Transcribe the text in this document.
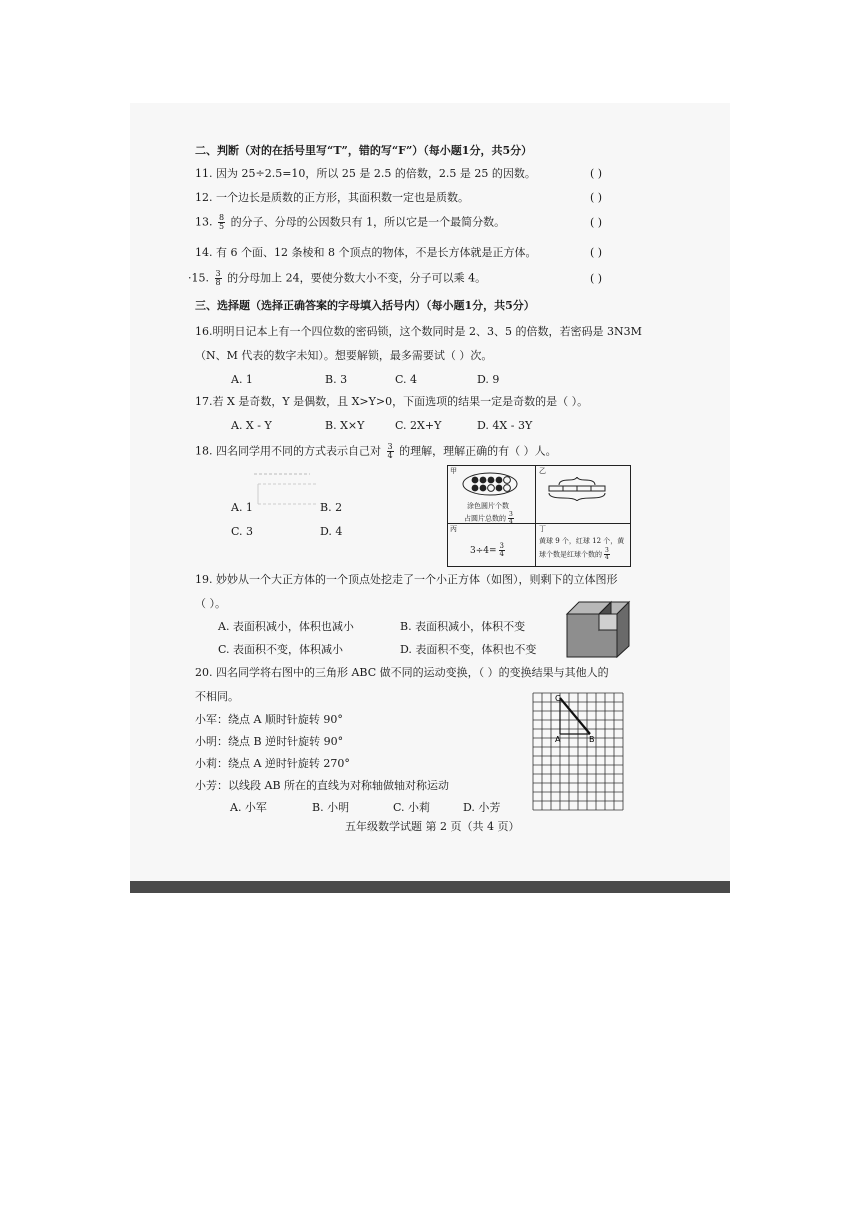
二、判断（对的在括号里写“T”，错的写“F”）（每小题1分，共5分）
11. 因为 25÷2.5=10，所以 25 是 2.5 的倍数，2.5 是 25 的因数。	( )
12. 一个边长是质数的正方形，其面积数一定也是质数。	( )
13. $\frac{8}{5}$ 的分子、分母的公因数只有 1，所以它是一个最简分数。	( )
14. 有 6 个面、12 条棱和 8 个顶点的物体，不是长方体就是正方体。	( )
·15. $\frac{3}{8}$ 的分母加上 24，要使分数大小不变，分子可以乘 4。	( )
三、选择题（选择正确答案的字母填入括号内）（每小题1分，共5分）
16.明明日记本上有一个四位数的密码锁，这个数同时是 2、3、5 的倍数，若密码是 3N3M
（N、M 代表的数字未知）。想要解锁，最多需要试（ ）次。
A. 1	B. 3	C. 4	D. 9
17.若 X 是奇数，Y 是偶数，且 X>Y>0，下面选项的结果一定是奇数的是（ ）。
A. X - Y	B. X×Y	C. 2X+Y	D. 4X - 3Y
18. 四名同学用不同的方式表示自己对 $\frac{3}{4}$ 的理解，理解正确的有（ ）人。
A. 1	B. 2
C. 3	D. 4
甲
涂色圆片个数
占圆片总数的 $\frac{3}{4}$
乙
丙
$3\div 4= \frac{3}{4}$
丁
黄球 9 个，红球 12 个，黄
球个数是红球个数的 $\frac{3}{4}$
19. 妙妙从一个大正方体的一个顶点处挖走了一个小正方体（如图），则剩下的立体图形
（ ）。
A. 表面积减小，体积也减小	B. 表面积减小，体积不变
C. 表面积不变，体积减小	D. 表面积不变，体积也不变
20. 四名同学将右图中的三角形 ABC 做不同的运动变换，（ ）的变换结果与其他人的
不相同。
小军：绕点 A 顺时针旋转 90°
小明：绕点 B 逆时针旋转 90°
小莉：绕点 A 逆时针旋转 270°
小芳：以线段 AB 所在的直线为对称轴做轴对称运动
A. 小军	B. 小明	C. 小莉	D. 小芳
C
A	B
五年级数学试题 第 2 页（共 4 页）
